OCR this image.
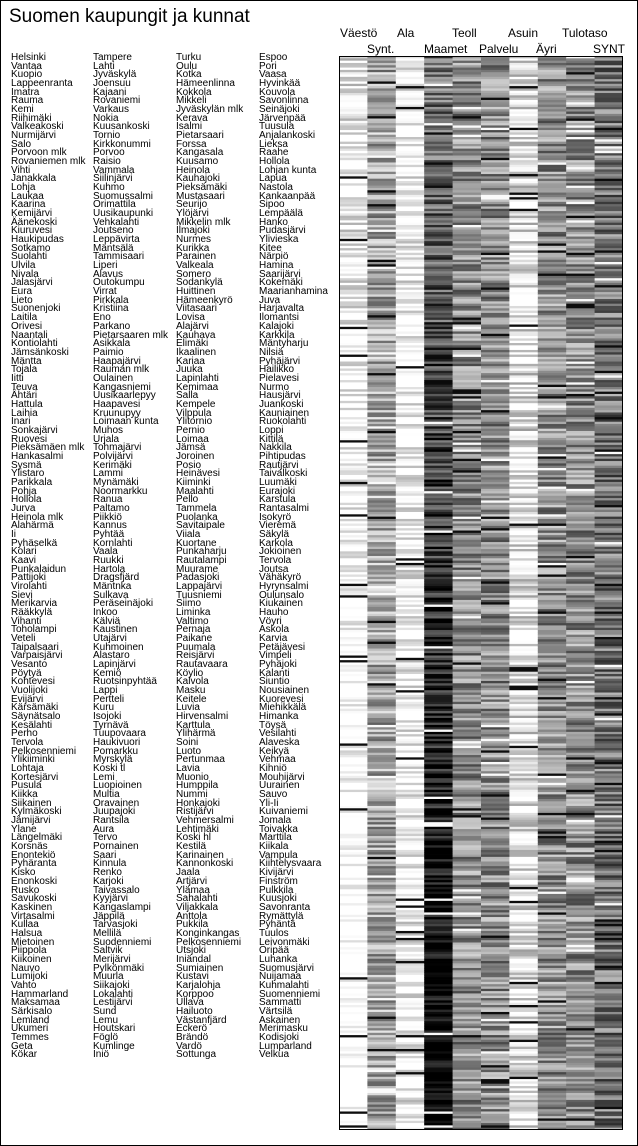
Suomen kaupungit ja kunnat
Väestö
Synt.
Ala
Maamet
Teoll
Palvelu
Asuin
Äyri
Tulotaso
SYNT
Helsinki
Vantaa
Kuopio
Lappeenranta
Imatra
Rauma
Kemi
Riihimäki
Valkeakoski
Nurmijärvi
Salo
Porvoon mlk
Rovaniemen mlk
Vihti
Janakkala
Lohja
Laukaa
Kaarina
Kemijärvi
Äänekoski
Kiuruvesi
Haukipudas
Sotkamo
Suolahti
Ulvila
Nivala
Jalasjärvi
Eura
Lieto
Suonenjoki
Laitila
Orivesi
Naantali
Kontiolahti
Jämsänkoski
Mäntta
Tojala
Iitti
Teuva
Ähtäri
Hattula
Laihia
Inari
Sonkajärvi
Ruovesi
Pieksämäen mlk
Hankasalmi
Sysmä
Ylistaro
Parikkala
Pohja
Hollola
Jurva
Heinola mlk
Alahärmä
Ii
Pyhäselkä
Kolari
Kaavi
Punkalaidun
Pattijoki
Virolahti
Sievi
Merikarvia
Rääkkylä
Vihanti
Toholampi
Veteli
Taipalsaari
Varpaisjärvi
Vesanto
Pöytyä
Kohtevesi
Vuolijoki
Evijärvi
Kärsämäki
Säynätsalo
Kesälahti
Perho
Tervola
Pelkosenniemi
Ylikiiminki
Lohtaja
Kortesjärvi
Pusula
Kiikka
Siikainen
Kylmäkoski
Jämijärvi
Ylane
Längelmäki
Korsnäs
Enontekiö
Pyhäranta
Kisko
Enonkoski
Rusko
Savukoski
Kaskinen
Virtasalmi
Kullaa
Halsua
Mietoinen
Piippola
Kiikoinen
Nauvo
Lumijoki
Vahto
Hammarland
Maksamaa
Särkisalo
Lemland
Ukumeri
Temmes
Geta
Kökar
Tampere
Lahti
Jyväskylä
Joensuu
Kajaani
Rovaniemi
Varkaus
Nokia
Kuusankoski
Tornio
Kirkkonummi
Porvoo
Raisio
Vammala
Siilinjärvi
Kuhmo
Suomussalmi
Orimattila
Uusikaupunki
Vehkalahti
Joutseno
Leppävirta
Mäntsälä
Tammisaari
Liperi
Alavus
Outokumpu
Virrat
Pirkkala
Kristiina
Eno
Parkano
Pietarsaaren mlk
Asikkala
Paimio
Haapajärvi
Rauman mlk
Oulainen
Kangasniemi
Uusikaarlepyy
Haapavesi
Kruunupyy
Loimaan kunta
Muhos
Urjala
Tohmajärvi
Polvijärvi
Kerimäki
Lammi
Mynämäki
Noormarkku
Ranua
Paltamo
Piikkiö
Kannus
Pyhtää
Kornlahti
Vaala
Ruukki
Hartola
Dragsfjärd
Mäntnka
Sulkava
Peräseinäjoki
Inkoo
Kälviä
Kaustinen
Utajärvi
Kuhmoinen
Alastaro
Lapinjärvi
Kemiö
Ruotsinpyhtää
Lappi
Pertteli
Kuru
Isojoki
Tyrnävä
Tuupovaara
Haukivuori
Pomarkku
Myrskylä
Koski tl
Lemi
Luopioinen
Multia
Oravainen
Juupajoki
Rantsila
Aura
Tervo
Pornainen
Saari
Kinnula
Renko
Karjoki
Taivassalo
Kyyjärvi
Kangaslampi
Jäppilä
Tarvasjoki
Mellilä
Suodenniemi
Saltvik
Merijärvi
Pylkönmäki
Muurla
Siikajoki
Lokalahti
Lestijärvi
Sund
Lemu
Houtskari
Föglö
Kumlinge
Iniö
Turku
Oulu
Kotka
Hämeenlinna
Kokkola
Mikkeli
Jyväskylän mlk
Kerava
Isalmi
Pietarsaari
Forssa
Kangasala
Kuusamo
Heinola
Kauhajoki
Pieksämäki
Mustasaari
Seurijo
Ylöjärvi
Mikkelin mlk
Ilmajoki
Nurmes
Kurikka
Parainen
Valkeala
Somero
Sodankylä
Huittinen
Hämeenkyrö
Viitasaari
Lovisa
Alajärvi
Kauhava
Elimäki
Ikaalinen
Kariaa
Juuka
Lapinlahti
Kemimaa
Salla
Kempele
Vilppula
Ylitornio
Pernio
Loimaa
Jämsä
Joroinen
Posio
Heinävesi
Kiiminki
Maalahti
Pello
Tammela
Puolanka
Savitaipale
Viiala
Kuortane
Punkaharju
Rautalampi
Muurame
Padasjoki
Lappajärvi
Tuusniemi
Siimo
Liminka
Valtimo
Pernaja
Paikane
Puumala
Reisjärvi
Rautavaara
Köylio
Kalvola
Masku
Keitele
Luvia
Hirvensalmi
Karttula
Ylihärmä
Soini
Luoto
Pertunmaa
Lavia
Muonio
Humppila
Nummi
Honkajoki
Ristijärvi
Vehmersalmi
Lehtimäki
Koski hl
Kestilä
Karinainen
Kannonkoski
Jaala
Artjärvi
Ylämaa
Sahalahti
Viljakkala
Anttola
Pukkila
Konginkangas
Pelkosenniemi
Utsjoki
Iniändal
Sumiainen
Kustavi
Karjalohja
Korppoo
Ullava
Hailuoto
Västanfjärd
Eckerö
Brändö
Vardö
Sottunga
Espoo
Pori
Vaasa
Hyvinkää
Kouvola
Savonlinna
Seinäjoki
Järvenpää
Tuusula
Anjalankoski
Lieksa
Raahe
Hollola
Lohjan kunta
Lapua
Nastola
Kankaanpää
Sipoo
Lempäälä
Hanko
Pudasjärvi
Ylivieska
Kitee
Närpiö
Hamina
Saarijärvi
Kokemäki
Maarianhamina
Juva
Harjavalta
Ilomantsi
Kalajoki
Karkkila
Mäntyharju
Nilsiä
Pyhäjärvi
Hailikko
Pielavesi
Nurmo
Hausjärvi
Juankoski
Kauniainen
Ruokolahti
Loppi
Kittilä
Nakkila
Pihtipudas
Rautjärvi
Taivalkoski
Luumäki
Eurajoki
Karstula
Rantasalmi
Isokyrö
Vieremä
Säkylä
Karkola
Jokioinen
Tervola
Joutsa
Vähäkyrö
Hyrynsalmi
Oulunsalo
Kiukainen
Hauho
Vöyri
Askola
Karvia
Petäjävesi
Vimpeli
Pyhäjoki
Kalanti
Siuntio
Nousiainen
Kuorevesi
Miehikkälä
Himanka
Töysä
Vesilahti
Alaveska
Keikyä
Vehmaa
Kihniö
Mouhijärvi
Uurainen
Sauvo
Yli-Ii
Kuivaniemi
Jomala
Toivakka
Marttila
Kiikala
Vampula
Kiihtelysvaara
Kivijärvi
Finström
Pulkkila
Kuusjoki
Savonranta
Rymättylä
Pyhäntä
Tuulos
Leivonmäki
Oripää
Luhanka
Suomusjärvi
Nuijamaa
Kuhmalahti
Suomenniemi
Sammatti
Värtsilä
Askainen
Merimasku
Kodisjoki
Lumparland
Velkua
